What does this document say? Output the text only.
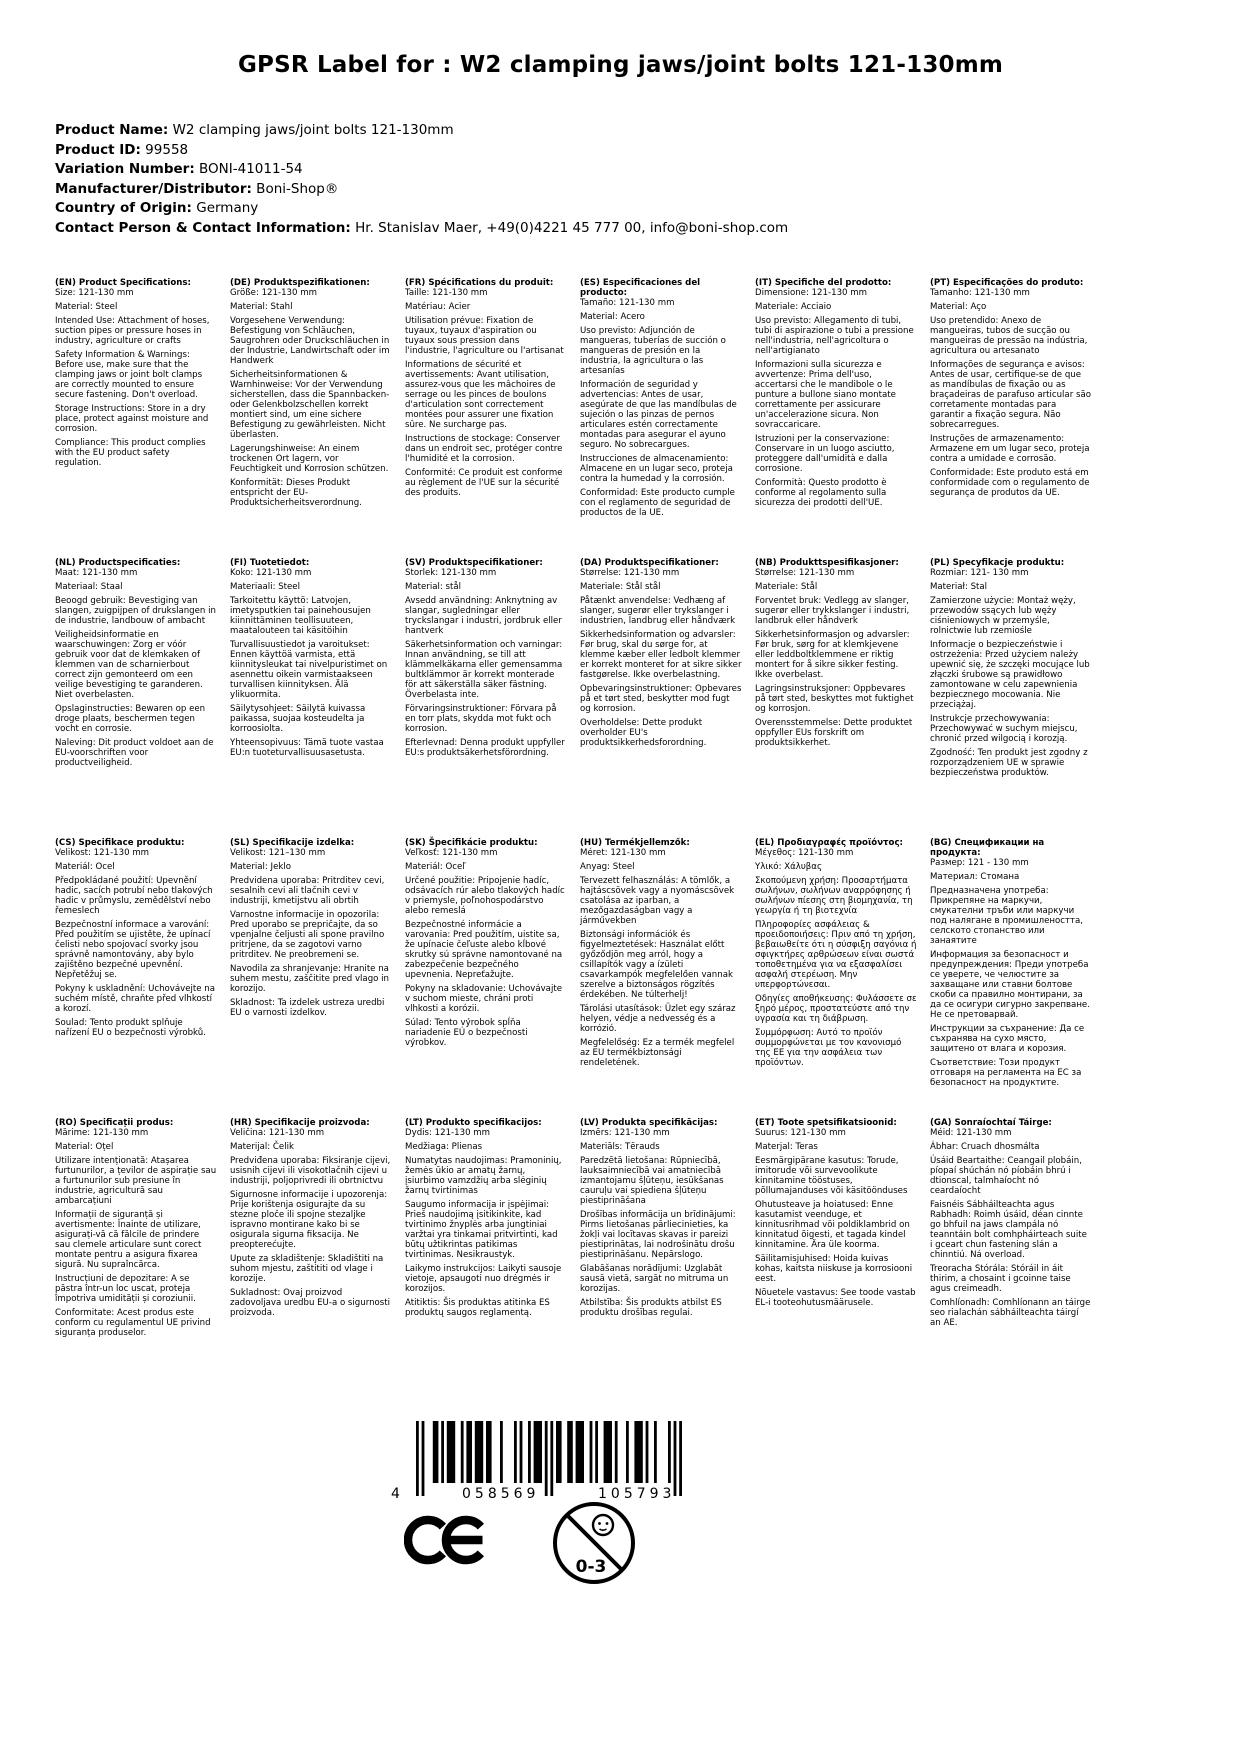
GPSR Label for : W2 clamping jaws/joint bolts 121-130mm
Product Name: W2 clamping jaws/joint bolts 121-130mm
Product ID: 99558
Variation Number: BONI-41011-54
Manufacturer/Distributor: Boni-Shop®
Country of Origin: Germany
Contact Person & Contact Information: Hr. Stanislav Maer, +49(0)4221 45 777 00, info@boni-shop.com
(EN) Product Specifications:

Size: 121-130 mm

Material: Steel

Intended Use: Attachment of hoses, suction pipes or pressure hoses in industry, agriculture or crafts

Safety Information & Warnings: Before use, make sure that the clamping jaws or joint bolt clamps are correctly mounted to ensure secure fastening. Don't overload.

Storage Instructions: Store in a dry place, protect against moisture and corrosion.

Compliance: This product complies with the EU product safety regulation.

(DE) Produktspezifikationen:

Größe: 121-130 mm

Material: Stahl

Vorgesehene Verwendung: Befestigung von Schläuchen, Saugrohren oder Druckschläuchen in der Industrie, Landwirtschaft oder im Handwerk

Sicherheitsinformationen & Warnhinweise: Vor der Verwendung sicherstellen, dass die Spannbacken- oder Gelenkbolzschellen korrekt montiert sind, um eine sichere Befestigung zu gewährleisten. Nicht überlasten.

Lagerungshinweise: An einem trockenen Ort lagern, vor Feuchtigkeit und Korrosion schützen.

Konformität: Dieses Produkt entspricht der EU-Produktsicherheitsverordnung.

(FR) Spécifications du produit:

Taille: 121-130 mm

Matériau: Acier

Utilisation prévue: Fixation de tuyaux, tuyaux d'aspiration ou tuyaux sous pression dans l'industrie, l'agriculture ou l'artisanat

Informations de sécurité et avertissements: Avant utilisation, assurez-vous que les mâchoires de serrage ou les pinces de boulons d'articulation sont correctement montées pour assurer une fixation sûre. Ne surcharge pas.

Instructions de stockage: Conserver dans un endroit sec, protéger contre l'humidité et la corrosion.

Conformité: Ce produit est conforme au règlement de l'UE sur la sécurité des produits.

(ES) Especificaciones del producto:

Tamaño: 121-130 mm

Material: Acero

Uso previsto: Adjunción de mangueras, tuberías de succión o mangueras de presión en la industria, la agricultura o las artesanías

Información de seguridad y advertencias: Antes de usar, asegúrate de que las mandíbulas de sujeción o las pinzas de pernos articulares estén correctamente montadas para asegurar el ayuno seguro. No sobrecargues.

Instrucciones de almacenamiento: Almacene en un lugar seco, proteja contra la humedad y la corrosión.

Conformidad: Este producto cumple con el reglamento de seguridad de productos de la UE.

(IT) Specifiche del prodotto:

Dimensione: 121-130 mm

Materiale: Acciaio

Uso previsto: Allegamento di tubi, tubi di aspirazione o tubi a pressione nell'industria, nell'agricoltura o nell'artigianato

Informazioni sulla sicurezza e avvertenze: Prima dell'uso, accertarsi che le mandibole o le punture a bullone siano montate correttamente per assicurare un'accelerazione sicura. Non sovraccaricare.

Istruzioni per la conservazione: Conservare in un luogo asciutto, proteggere dall'umidità e dalla corrosione.

Conformità: Questo prodotto è conforme al regolamento sulla sicurezza dei prodotti dell'UE.

(PT) Especificações do produto:

Tamanho: 121-130 mm

Material: Aço

Uso pretendido: Anexo de mangueiras, tubos de sucção ou mangueiras de pressão na indústria, agricultura ou artesanato

Informações de segurança e avisos: Antes de usar, certifique-se de que as mandíbulas de fixação ou as braçadeiras de parafuso articular são corretamente montadas para garantir a fixação segura. Não sobrecarregues.

Instruções de armazenamento: Armazene em um lugar seco, proteja contra a umidade e corrosão.

Conformidade: Este produto está em conformidade com o regulamento de segurança de produtos da UE.

(NL) Productspecificaties:

Maat: 121-130 mm

Materiaal: Staal

Beoogd gebruik: Bevestiging van slangen, zuigpijpen of drukslangen in de industrie, landbouw of ambacht

Veiligheidsinformatie en waarschuwingen: Zorg er vóór gebruik voor dat de klemkaken of klemmen van de scharnierbout correct zijn gemonteerd om een veilige bevestiging te garanderen. Niet overbelasten.

Opslaginstructies: Bewaren op een droge plaats, beschermen tegen vocht en corrosie.

Naleving: Dit product voldoet aan de EU-voorschriften voor productveiligheid.

(FI) Tuotetiedot:

Koko: 121-130 mm

Materiaali: Steel

Tarkoitettu käyttö: Latvojen, imetysputkien tai painehousujen kiinnittäminen teollisuuteen, maatalouteen tai käsitöihin

Turvallisuustiedot ja varoitukset: Ennen käyttöä varmista, että kiinnitysleukat tai nivelpuristimet on asennettu oikein varmistaakseen turvallisen kiinnityksen. Älä ylikuormita.

Säilytysohjeet: Säilytä kuivassa paikassa, suojaa kosteudelta ja korroosiolta.

Yhteensopivuus: Tämä tuote vastaa EU:n tuoteturvallisuusasetusta.

(SV) Produktspecifikationer:

Storlek: 121-130 mm

Material: stål

Avsedd användning: Anknytning av slangar, sugledningar eller tryckslangar i industri, jordbruk eller hantverk

Säkerhetsinformation och varningar: Innan användning, se till att klämmelkäkarna eller gemensamma bultklämmor är korrekt monterade för att säkerställa säker fästning. Överbelasta inte.

Förvaringsinstruktioner: Förvara på en torr plats, skydda mot fukt och korrosion.

Efterlevnad: Denna produkt uppfyller EU:s produktsäkerhetsförordning.

(DA) Produktspecifikationer:

Størrelse: 121-130 mm

Materiale: Stål stål

Påtænkt anvendelse: Vedhæng af slanger, sugerør eller trykslanger i industrien, landbrug eller håndværk

Sikkerhedsinformation og advarsler: Før brug, skal du sørge for, at klemme kæber eller ledbolt klemmer er korrekt monteret for at sikre sikker fastgørelse. Ikke overbelastning.

Opbevaringsinstruktioner: Opbevares på et tørt sted, beskytter mod fugt og korrosion.

Overholdelse: Dette produkt overholder EU's produktsikkerhedsforordning.

(NB) Produkttspesifikasjoner:

Størrelse: 121-130 mm

Materiale: Stål

Forventet bruk: Vedlegg av slanger, sugerør eller trykkslanger i industri, landbruk eller håndverk

Sikkerhetsinformasjon og advarsler: Før bruk, sørg for at klemkjevene eller leddboltklemmene er riktig montert for å sikre sikker festing. Ikke overbelast.

Lagringsinstruksjoner: Oppbevares på tørt sted, beskyttes mot fuktighet og korrosjon.

Overensstemmelse: Dette produktet oppfyller EUs forskrift om produktsikkerhet.

(PL) Specyfikacje produktu:

Rozmiar: 121- 130 mm

Materiał: Stal

Zamierzone użycie: Montaż węży, przewodów ssących lub węży ciśnieniowych w przemyśle, rolnictwie lub rzemiośle

Informacje o bezpieczeństwie i ostrzeżenia: Przed użyciem należy upewnić się, że szczęki mocujące lub złączki śrubowe są prawidłowo zamontowane w celu zapewnienia bezpiecznego mocowania. Nie przeciążaj.

Instrukcje przechowywania: Przechowywać w suchym miejscu, chronić przed wilgocią i korozją.

Zgodność: Ten produkt jest zgodny z rozporządzeniem UE w sprawie bezpieczeństwa produktów.

(CS) Specifikace produktu:

Velikost: 121-130 mm

Materiál: Ocel

Předpokládané použití: Upevnění hadic, sacích potrubí nebo tlakových hadic v průmyslu, zemědělství nebo řemeslech

Bezpečnostní informace a varování: Před použitím se ujistěte, že upínací čelisti nebo spojovací svorky jsou správně namontovány, aby bylo zajištěno bezpečné upevnění. Nepřetěžuj se.

Pokyny k uskladnění: Uchovávejte na suchém místě, chraňte před vlhkostí a korozí.

Soulad: Tento produkt splňuje nařízení EU o bezpečnosti výrobků.

(SL) Specifikacije izdelka:

Velikost: 121–130 mm

Material: Jeklo

Predvidena uporaba: Pritrditev cevi, sesalnih cevi ali tlačnih cevi v industriji, kmetijstvu ali obrtih

Varnostne informacije in opozorila: Pred uporabo se prepričajte, da so vpenjalne čeljusti ali spone pravilno pritrjene, da se zagotovi varno pritrditev. Ne preobremeni se.

Navodila za shranjevanje: Hranite na suhem mestu, zaščitite pred vlago in korozijo.

Skladnost: Ta izdelek ustreza uredbi EU o varnosti izdelkov.

(SK) Špecifikácie produktu:

Veľkosť: 121-130 mm

Materiál: Oceľ

Určené použitie: Pripojenie hadíc, odsávacích rúr alebo tlakových hadíc v priemysle, poľnohospodárstvo alebo remeslá

Bezpečnostné informácie a varovania: Pred použitím, uistite sa, že upínacie čeľuste alebo kĺbové skrutky sú správne namontované na zabezpečenie bezpečného upevnenia. Nepreťažujte.

Pokyny na skladovanie: Uchovávajte v suchom mieste, chráni proti vlhkosti a korózii.

Súlad: Tento výrobok spĺňa nariadenie EÚ o bezpečnosti výrobkov.

(HU) Termékjellemzők:

Méret: 121-130 mm

Anyag: Steel

Tervezett felhasználás: A tömlők, a hajtáscsövek vagy a nyomáscsövek csatolása az iparban, a mezőgazdaságban vagy a járművekben

Biztonsági információk és figyelmeztetések: Használat előtt győződjön meg arról, hogy a csillapítók vagy a ízületi csavarkampók megfelelően vannak szerelve a biztonságos rögzítés érdekében. Ne túlterhelj!

Tárolási utasítások: Üzlet egy száraz helyen, védje a nedvesség és a korrózió.

Megfelelőség: Ez a termék megfelel az EU termékbiztonsági rendeletének.

(EL) Προδιαγραφές προϊόντος:

Μέγεθος: 121-130 mm

Υλικό: Χάλυβας

Σκοπούμενη χρήση: Προσαρτήματα σωλήνων, σωλήνων αναρρόφησης ή σωλήνων πίεσης στη βιομηχανία, τη γεωργία ή τη βιοτεχνία

Πληροφορίες ασφάλειας & προειδοποιήσεις: Πριν από τη χρήση, βεβαιωθείτε ότι η σύσφιξη σαγόνια ή σφιγκτήρες αρθρώσεων είναι σωστά τοποθετημένα για να εξασφαλίσει ασφαλή στερέωση. Μην υπερφορτώνεσαι.

Οδηγίες αποθήκευσης: Φυλάσσετε σε ξηρό μέρος, προστατεύστε από την υγρασία και τη διάβρωση.

Συμμόρφωση: Αυτό το προϊόν συμμορφώνεται με τον κανονισμό της ΕΕ για την ασφάλεια των προϊόντων.

(BG) Спецификации на продукта:

Размер: 121 - 130 mm

Материал: Стомана

Предназначена употреба: Прикрепяне на маркучи, смукателни тръби или маркучи под налягане в промишлеността, селското стопанство или занаятите

Информация за безопасност и предупреждения: Преди употреба се уверете, че челюстите за захващане или ставни болтове скоби са правилно монтирани, за да се осигури сигурно закрепване. Не се претоварвай.

Инструкции за съхранение: Да се съхранява на сухо място, защитено от влага и корозия.

Съответствие: Този продукт отговаря на регламента на ЕС за безопасност на продуктите.

(RO) Specificații produs:

Mărime: 121-130 mm

Material: Oțel

Utilizare intenționată: Atașarea furtunurilor, a țevilor de aspirație sau a furtunurilor sub presiune în industrie, agricultură sau ambarcațiuni

Informații de siguranță și avertismente: Înainte de utilizare, asigurați-vă că fălcile de prindere sau clemele articulare sunt corect montate pentru a asigura fixarea sigură. Nu supraîncărca.

Instrucțiuni de depozitare: A se păstra într-un loc uscat, proteja împotriva umidității și coroziunii.

Conformitate: Acest produs este conform cu regulamentul UE privind siguranța produselor.

(HR) Specifikacije proizvoda:

Veličina: 121-130 mm

Materijal: Čelik

Predviđena uporaba: Fiksiranje cijevi, usisnih cijevi ili visokotlačnih cijevi u industriji, poljoprivredi ili obrtnictvu

Sigurnosne informacije i upozorenja: Prije korištenja osigurajte da su stezne ploče ili spojne stezaljke ispravno montirane kako bi se osigurala sigurna fiksacija. Ne preopterećujte.

Upute za skladištenje: Skladištiti na suhom mjestu, zaštititi od vlage i korozije.

Sukladnost: Ovaj proizvod zadovoljava uredbu EU-a o sigurnosti proizvoda.

(LT) Produkto specifikacijos:

Dydis: 121-130 mm

Medžiaga: Plienas

Numatytas naudojimas: Pramoninių, žemės ūkio ar amatų žarnų, įsiurbimo vamzdžių arba slėginių žarnų tvirtinimas

Saugumo informacija ir įspėjimai: Prieš naudojimą įsitikinkite, kad tvirtinimo žnyplės arba jungtiniai varžtai yra tinkamai pritvirtinti, kad būtų užtikrintas patikimas tvirtinimas. Nesikraustyk.

Laikymo instrukcijos: Laikyti sausoje vietoje, apsaugoti nuo drėgmės ir korozijos.

Atitiktis: Šis produktas atitinka ES produktų saugos reglamentą.

(LV) Produkta specifikācijas:

Izmērs: 121-130 mm

Materiāls: Tērauds

Paredzētā lietošana: Rūpniecībā, lauksaimniecībā vai amatniecībā izmantojamu šļūteņu, iesūkšanas cauruļu vai spiediena šļūteņu piestiprināšana

Drošības informācija un brīdinājumi: Pirms lietošanas pārliecinieties, ka žokļi vai locītavas skavas ir pareizi piestiprinātas, lai nodrošinātu drošu piestiprināšanu. Nepārslogo.

Glabāšanas norādījumi: Uzglabāt sausā vietā, sargāt no mitruma un korozijas.

Atbilstība: Šis produkts atbilst ES produktu drošības regulai.

(ET) Toote spetsifikatsioonid:

Suurus: 121-130 mm

Materjal: Teras

Eesmärgipärane kasutus: Torude, imitorude või survevoolikute kinnitamine tööstuses, põllumajanduses või käsitöönduses

Ohutusteave ja hoiatused: Enne kasutamist veenduge, et kinnitusrihmad või poldiklambrid on kinnitatud õigesti, et tagada kindel kinnitamine. Ära üle koorma.

Säilitamisjuhised: Hoida kuivas kohas, kaitsta niiskuse ja korrosiooni eest.

Nõuetele vastavus: See toode vastab EL-i tooteohutusmäärusele.

(GA) Sonraíochtaí Táirge:

Méid: 121-130 mm

Ábhar: Cruach dhosmálta

Úsáid Beartaithe: Ceangail plobáin, píopaí shúchán nó píobáin bhrú i dtionscal, talmhaíocht nó ceardaíocht

Faisnéis Sábháilteachta agus Rabhadh: Roimh úsáid, déan cinnte go bhfuil na jaws clampála nó teanntáin bolt comhpháirteach suite i gceart chun fastening slán a chinntiú. Ná overload.

Treoracha Stórála: Stóráil in áit thirim, a chosaint i gcoinne taise agus creimeadh.

Comhlíonadh: Comhlíonann an táirge seo rialachán sábháilteachta táirgí an AE.

4	058569	105793
0-3
